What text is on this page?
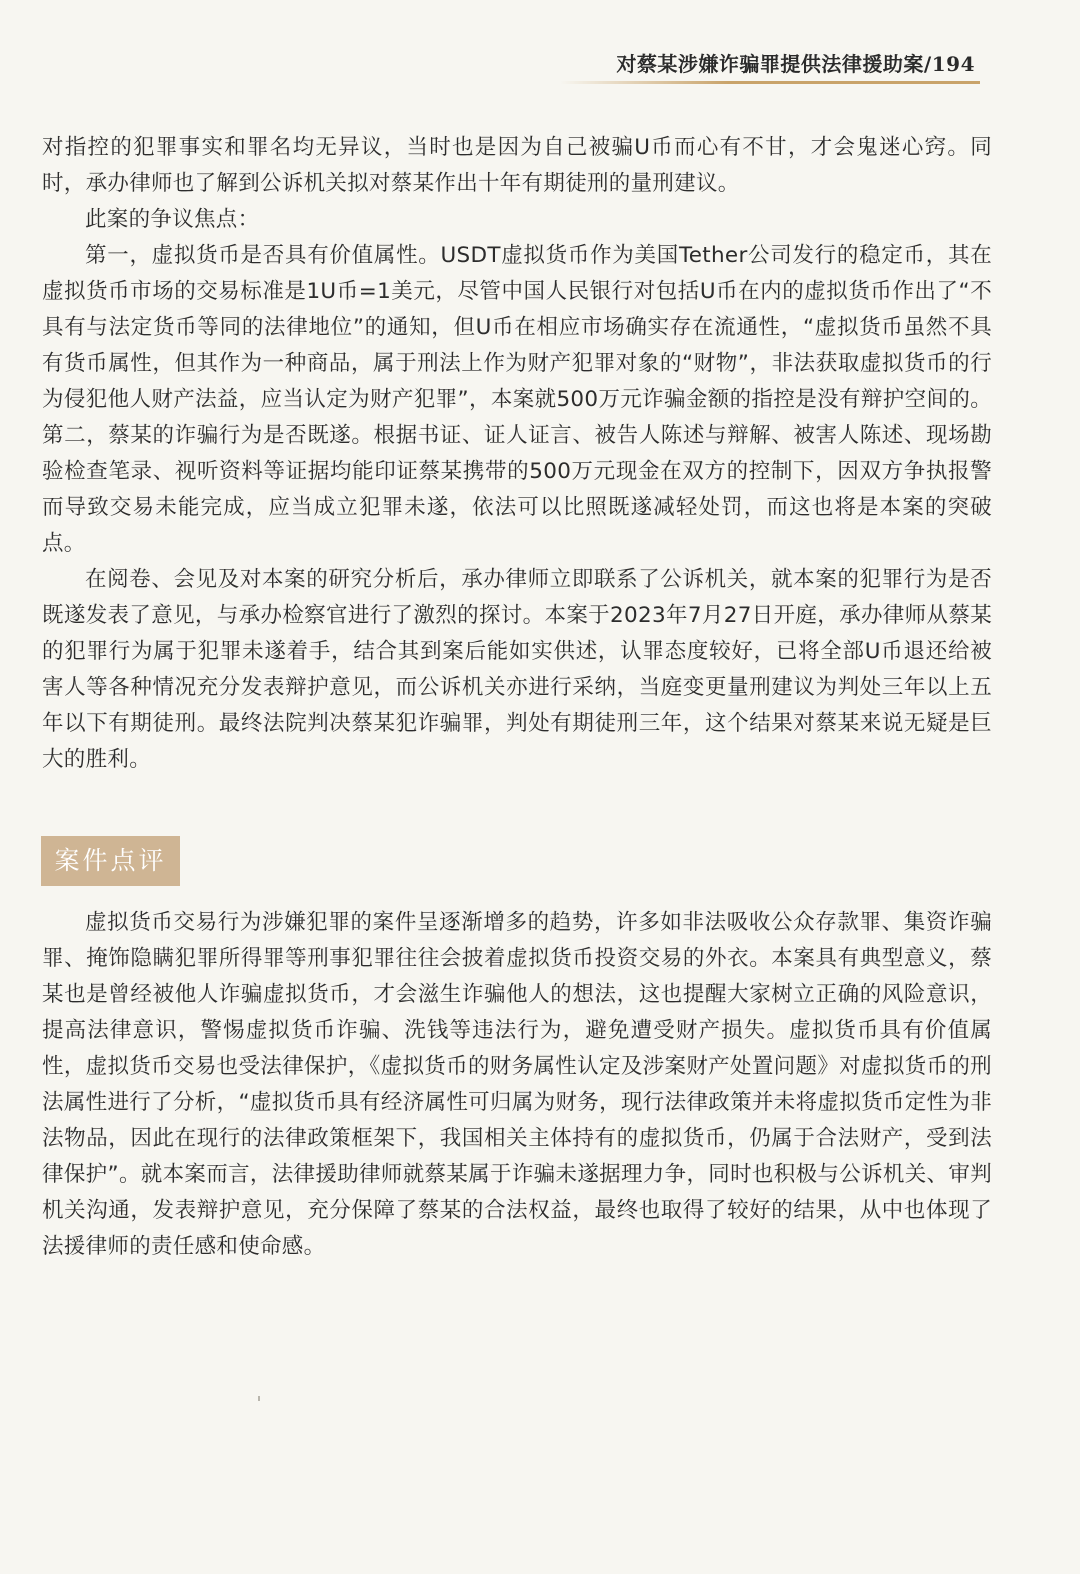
对蔡某涉嫌诈骗罪提供法律援助案/194

对指控的犯罪事实和罪名均无异议，当时也是因为自己被骗U币而心有不甘，才会鬼迷心窍。同时，承办律师也了解到公诉机关拟对蔡某作出十年有期徒刑的量刑建议。

此案的争议焦点：

第一，虚拟货币是否具有价值属性。USDT虚拟货币作为美国Tether公司发行的稳定币，其在虚拟货币市场的交易标准是1U币=1美元，尽管中国人民银行对包括U币在内的虚拟货币作出了“不具有与法定货币等同的法律地位”的通知，但U币在相应市场确实存在流通性，“虚拟货币虽然不具有货币属性，但其作为一种商品，属于刑法上作为财产犯罪对象的“财物”，非法获取虚拟货币的行为侵犯他人财产法益，应当认定为财产犯罪”，本案就500万元诈骗金额的指控是没有辩护空间的。第二，蔡某的诈骗行为是否既遂。根据书证、证人证言、被告人陈述与辩解、被害人陈述、现场勘验检查笔录、视听资料等证据均能印证蔡某携带的500万元现金在双方的控制下，因双方争执报警而导致交易未能完成，应当成立犯罪未遂，依法可以比照既遂减轻处罚，而这也将是本案的突破点。

在阅卷、会见及对本案的研究分析后，承办律师立即联系了公诉机关，就本案的犯罪行为是否既遂发表了意见，与承办检察官进行了激烈的探讨。本案于2023年7月27日开庭，承办律师从蔡某的犯罪行为属于犯罪未遂着手，结合其到案后能如实供述，认罪态度较好，已将全部U币退还给被害人等各种情况充分发表辩护意见，而公诉机关亦进行采纳，当庭变更量刑建议为判处三年以上五年以下有期徒刑。最终法院判决蔡某犯诈骗罪，判处有期徒刑三年，这个结果对蔡某来说无疑是巨大的胜利。

案件点评

虚拟货币交易行为涉嫌犯罪的案件呈逐渐增多的趋势，许多如非法吸收公众存款罪、集资诈骗罪、掩饰隐瞒犯罪所得罪等刑事犯罪往往会披着虚拟货币投资交易的外衣。本案具有典型意义，蔡某也是曾经被他人诈骗虚拟货币，才会滋生诈骗他人的想法，这也提醒大家树立正确的风险意识，提高法律意识，警惕虚拟货币诈骗、洗钱等违法行为，避免遭受财产损失。虚拟货币具有价值属性，虚拟货币交易也受法律保护，《虚拟货币的财务属性认定及涉案财产处置问题》对虚拟货币的刑法属性进行了分析，“虚拟货币具有经济属性可归属为财务，现行法律政策并未将虚拟货币定性为非法物品，因此在现行的法律政策框架下，我国相关主体持有的虚拟货币，仍属于合法财产，受到法律保护”。就本案而言，法律援助律师就蔡某属于诈骗未遂据理力争，同时也积极与公诉机关、审判机关沟通，发表辩护意见，充分保障了蔡某的合法权益，最终也取得了较好的结果，从中也体现了法援律师的责任感和使命感。
